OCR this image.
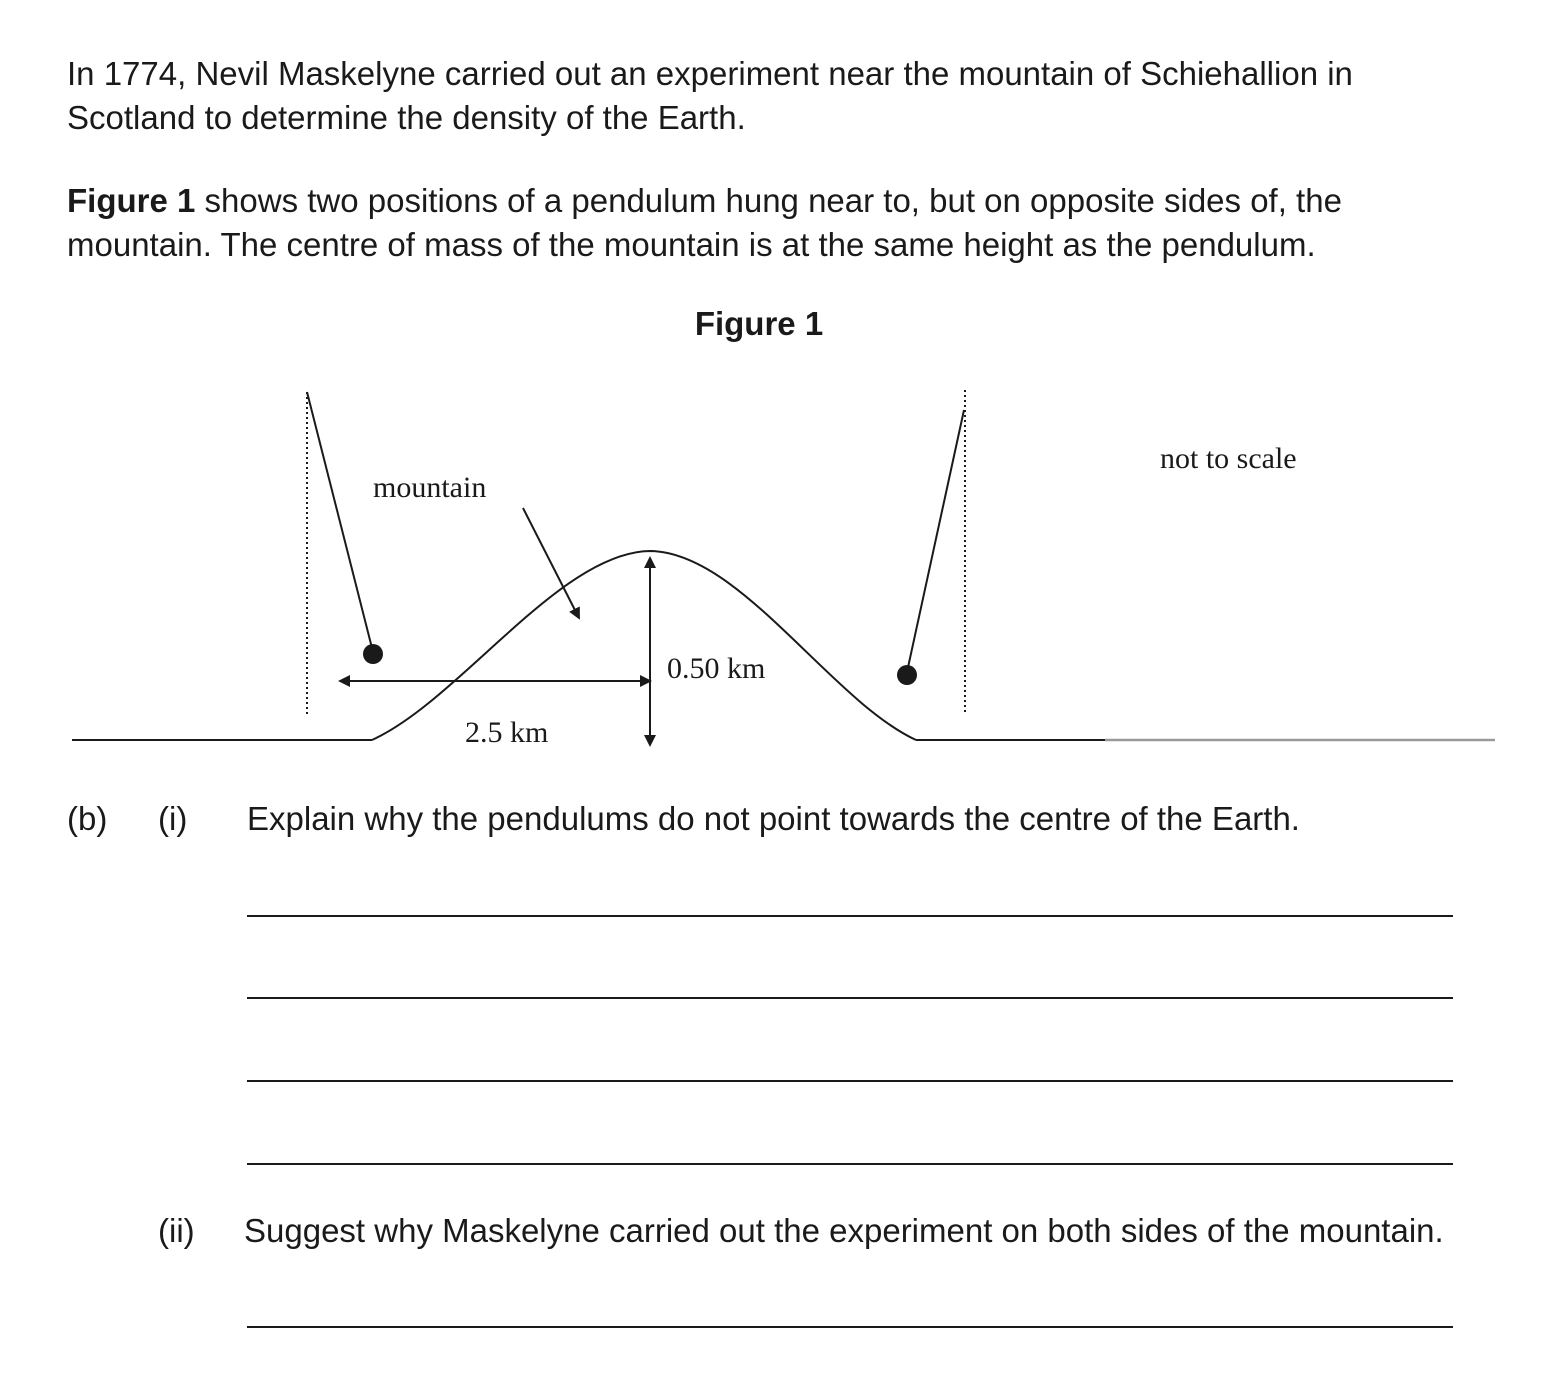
In 1774, Nevil Maskelyne carried out an experiment near the mountain of Schiehallion in Scotland to determine the density of the Earth.

Figure 1 shows two positions of a pendulum hung near to, but on opposite sides of, the mountain. The centre of mass of the mountain is at the same height as the pendulum.

Figure 1

mountain
not to scale
0.50 km
2.5 km
(b) (i) Explain why the pendulums do not point towards the centre of the Earth.
(ii) Suggest why Maskelyne carried out the experiment on both sides of the mountain.
